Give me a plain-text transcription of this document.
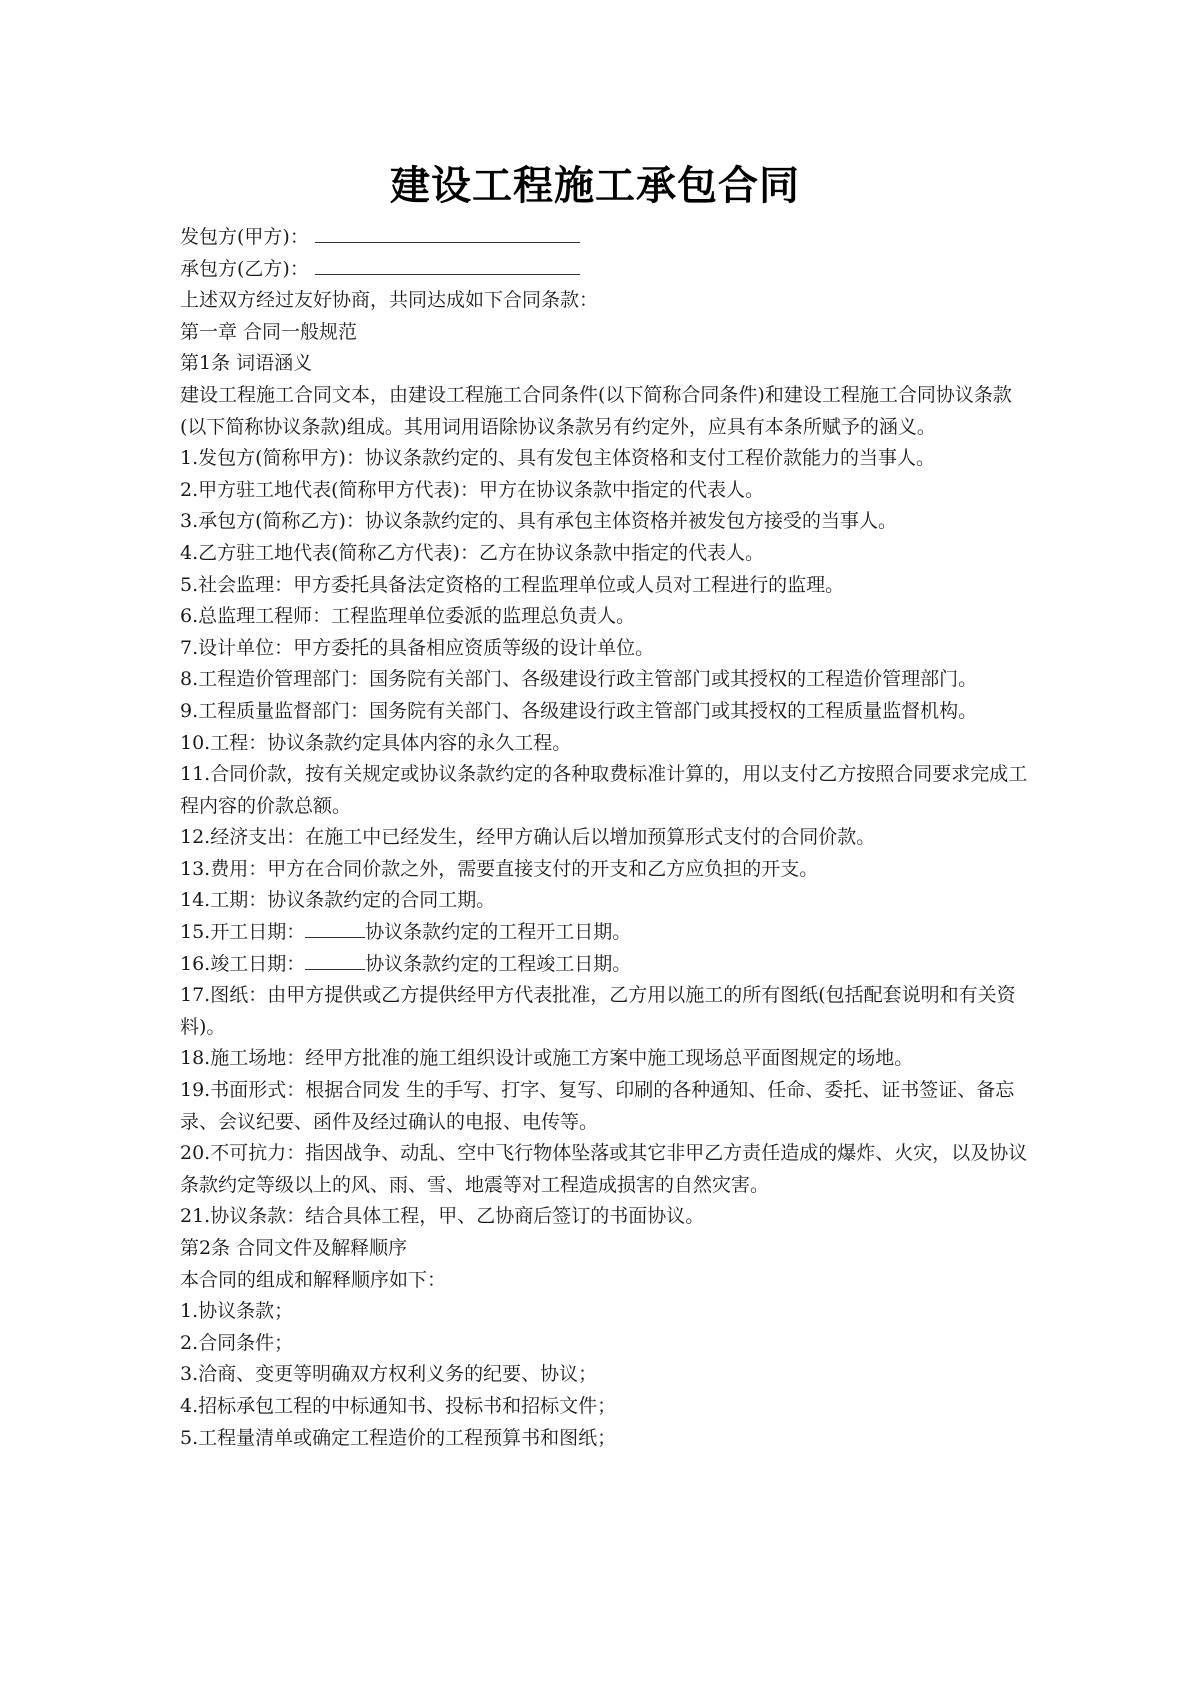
建设工程施工承包合同
发包方(甲方)：
承包方(乙方)：
上述双方经过友好协商，共同达成如下合同条款：
第一章 合同一般规范
第1条 词语涵义
建设工程施工合同文本，由建设工程施工合同条件(以下简称合同条件)和建设工程施工合同协议条款(以下简称协议条款)组成。其用词用语除协议条款另有约定外，应具有本条所赋予的涵义。
1.发包方(简称甲方)：协议条款约定的、具有发包主体资格和支付工程价款能力的当事人。
2.甲方驻工地代表(简称甲方代表)：甲方在协议条款中指定的代表人。
3.承包方(简称乙方)：协议条款约定的、具有承包主体资格并被发包方接受的当事人。
4.乙方驻工地代表(简称乙方代表)：乙方在协议条款中指定的代表人。
5.社会监理：甲方委托具备法定资格的工程监理单位或人员对工程进行的监理。
6.总监理工程师：工程监理单位委派的监理总负责人。
7.设计单位：甲方委托的具备相应资质等级的设计单位。
8.工程造价管理部门：国务院有关部门、各级建设行政主管部门或其授权的工程造价管理部门。
9.工程质量监督部门：国务院有关部门、各级建设行政主管部门或其授权的工程质量监督机构。
10.工程：协议条款约定具体内容的永久工程。
11.合同价款，按有关规定或协议条款约定的各种取费标准计算的，用以支付乙方按照合同要求完成工程内容的价款总额。
12.经济支出：在施工中已经发生，经甲方确认后以增加预算形式支付的合同价款。
13.费用：甲方在合同价款之外，需要直接支付的开支和乙方应负担的开支。
14.工期：协议条款约定的合同工期。
15.开工日期：	协议条款约定的工程开工日期。
16.竣工日期：	协议条款约定的工程竣工日期。
17.图纸：由甲方提供或乙方提供经甲方代表批准，乙方用以施工的所有图纸(包括配套说明和有关资料)。
18.施工场地：经甲方批准的施工组织设计或施工方案中施工现场总平面图规定的场地。
19.书面形式：根据合同发 生的手写、打字、复写、印刷的各种通知、任命、委托、证书签证、备忘录、会议纪要、函件及经过确认的电报、电传等。
20.不可抗力：指因战争、动乱、空中飞行物体坠落或其它非甲乙方责任造成的爆炸、火灾，以及协议条款约定等级以上的风、雨、雪、地震等对工程造成损害的自然灾害。
21.协议条款：结合具体工程，甲、乙协商后签订的书面协议。
第2条 合同文件及解释顺序
本合同的组成和解释顺序如下：
1.协议条款；
2.合同条件；
3.洽商、变更等明确双方权利义务的纪要、协议；
4.招标承包工程的中标通知书、投标书和招标文件；
5.工程量清单或确定工程造价的工程预算书和图纸；
